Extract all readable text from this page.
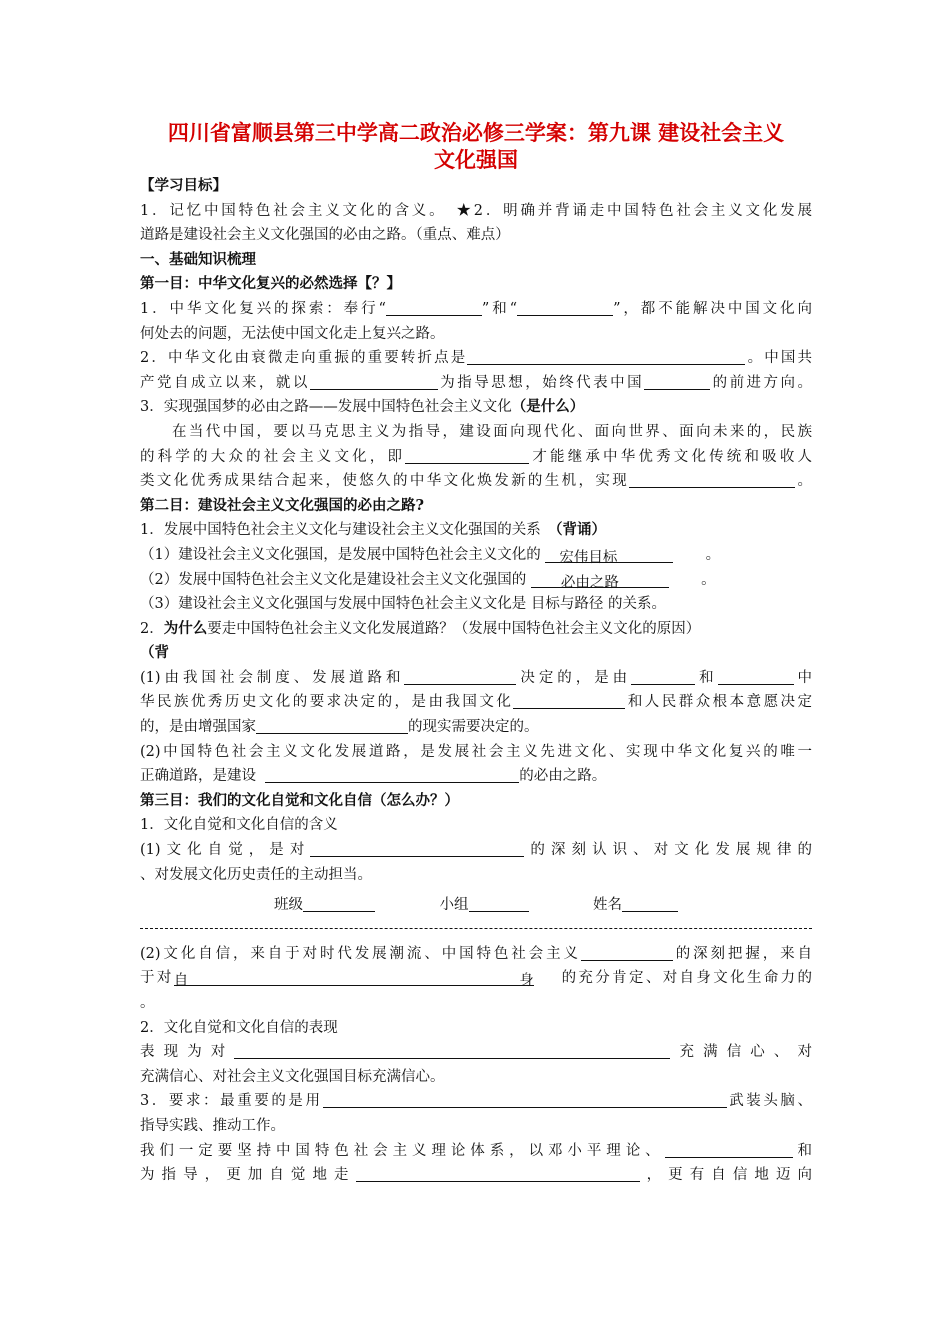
四川省富顺县第三中学高二政治必修三学案：第九课 建设社会主义
文化强国
【学习目标】
1．记忆中国特色社会主义文化的含义。　★2．明确并背诵走中国特色社会主义文化发展
道路是建设社会主义文化强国的必由之路。（重点、难点）
一、基础知识梳理
第一目：中华文化复兴的必然选择【？】
1．中华文化复兴的探索：奉行“	”和“	”，都不能解决中国文化向
何处去的问题，无法使中国文化走上复兴之路。
2．中华文化由衰微走向重振的重要转折点是	。中国共
产党自成立以来，就以	为指导思想，始终代表中国	的前进方向。
3．实现强国梦的必由之路——发展中国特色社会主义文化（是什么）
在当代中国，要以马克思主义为指导，建设面向现代化、面向世界、面向未来的，民族
的科学的大众的社会主义文化，即	才能继承中华优秀文化传统和吸收人
类文化优秀成果结合起来，使悠久的中华文化焕发新的生机，实现	。
第二目：建设社会主义文化强国的必由之路?
1．发展中国特色社会主义文化与建设社会主义文化强国的关系　（背诵）
（1）建设社会主义文化强国，是发展中国特色社会主义文化的 宏伟目标	。
（2）发展中国特色社会主义文化是建设社会主义文化强国的 必由之路	。
（3）建设社会主义文化强国与发展中国特色社会主义文化是 目标与路径 的关系。
2．为什么要走中国特色社会主义文化发展道路？（发展中国特色社会主义文化的原因）
（背
(1)由我国社会制度、发展道路和	决定的，是由	和	中
华民族优秀历史文化的要求决定的，是由我国文化	和人民群众根本意愿决定
的，是由增强国家	的现实需要决定的。
(2)中国特色社会主义文化发展道路，是发展社会主义先进文化、实现中华文化复兴的唯一
正确道路，是建设	的必由之路。
第三目：我们的文化自觉和文化自信（怎么办？）
1．文化自觉和文化自信的含义
(1)文化自觉，是对	的深刻认识、对文化发展规律的
、对发展文化历史责任的主动担当。
班级	小组	姓名
(2)文化自信，来自于对时代发展潮流、中国特色社会主义	的深刻把握，来自
于对自身 的充分肯定、对自身文化生命力的
。
2．文化自觉和文化自信的表现
表现为对	充满信心、对
充满信心、对社会主义文化强国目标充满信心。
3．要求：最重要的是用	武装头脑、
指导实践、推动工作。
我们一定要坚持中国特色社会主义理论体系，以邓小平理论、	和
为指导，更加自觉地走	，更有自信地迈向
